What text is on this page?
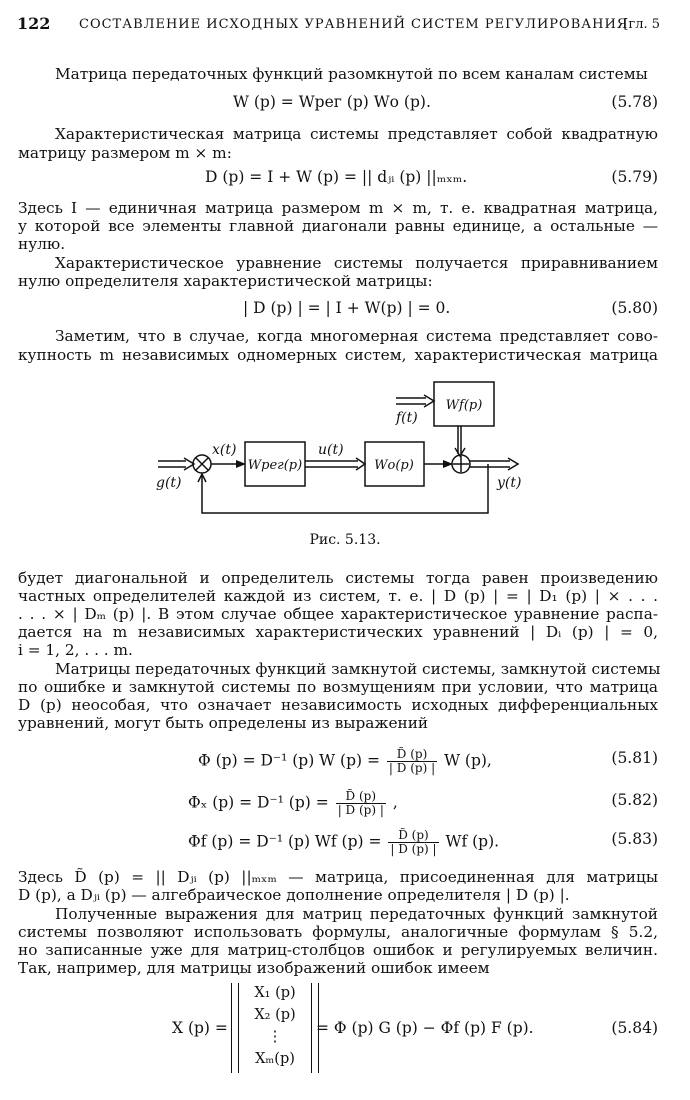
122 СОСТАВЛЕНИЕ ИСХОДНЫХ УРАВНЕНИЙ СИСТЕМ РЕГУЛИРОВАНИЯ
[гл. 5
Матрица передаточных функций разомкнутой по всем каналам системы
W (p) = Wрег (p) Wо (p).	(5.78)
Характеристическая матрица системы представляет собой квадратную
матрицу размером m × m:
D (p) = I + W (p) = || dⱼᵢ (p) ||ₘₓₘ.	(5.79)
Здесь I — единичная матрица размером m × m, т. е. квадратная матрица,
у которой все элементы главной диагонали равны единице, а остальные —
нулю.
Характеристическое уравнение системы получается приравниванием
нулю определителя характеристической матрицы:
| D (p) | = | I + W(p) | = 0.	(5.80)
Заметим, что в случае, когда многомерная система представляет сово-
купность m независимых одномерных систем, характеристическая матрица
Wрег(p)	Wо(p)
Wf(p)
g(t)
x(t)	u(t)
f(t)
y(t)
Рис. 5.13.
будет диагональной и определитель системы тогда равен произведению
частных определителей каждой из систем, т. е. | D (p) | = | D₁ (p) | × . . .
. . . × | Dₘ (p) |. В этом случае общее характеристическое уравнение распа-
дается на m независимых характеристических уравнений | Dᵢ (p) | = 0,
i = 1, 2, . . . m.
Матрицы передаточных функций замкнутой системы, замкнутой системы
по ошибке и замкнутой системы по возмущениям при условии, что матрица
D (p) неособая, что означает независимость исходных дифференциальных
уравнений, могут быть определены из выражений
Φ (p) = D⁻¹ (p) W $(p) = \frac{D̃ (p)}{| D (p) |}$ W (p),	(5.81)
Φₓ (p) = D⁻¹ $(p) = \frac{D̃ (p)}{| D (p) |}$ ,	(5.82)
Φf (p) = D⁻¹ (p) Wf $(p) = \frac{D̃ (p)}{| D (p) |}$ Wf (p).	(5.83)
Здесь D̃ (p) = || Dⱼᵢ (p) ||ₘₓₘ — матрица, присоединенная для матрицы
D (p), а Dⱼᵢ (p) — алгебраическое дополнение определителя | D (p) |.
Полученные выражения для матриц передаточных функций замкнутой
системы позволяют использовать формулы, аналогичные формулам § 5.2,
но записанные уже для матриц-столбцов ошибок и регулируемых величин.
Так, например, для матрицы изображений ошибок имеем
X (p) =	= Φ (p) G (p) − Φf (p) F (p).	(5.84)
X₁ (p)
X₂ (p)
⋮
Xₘ(p)
